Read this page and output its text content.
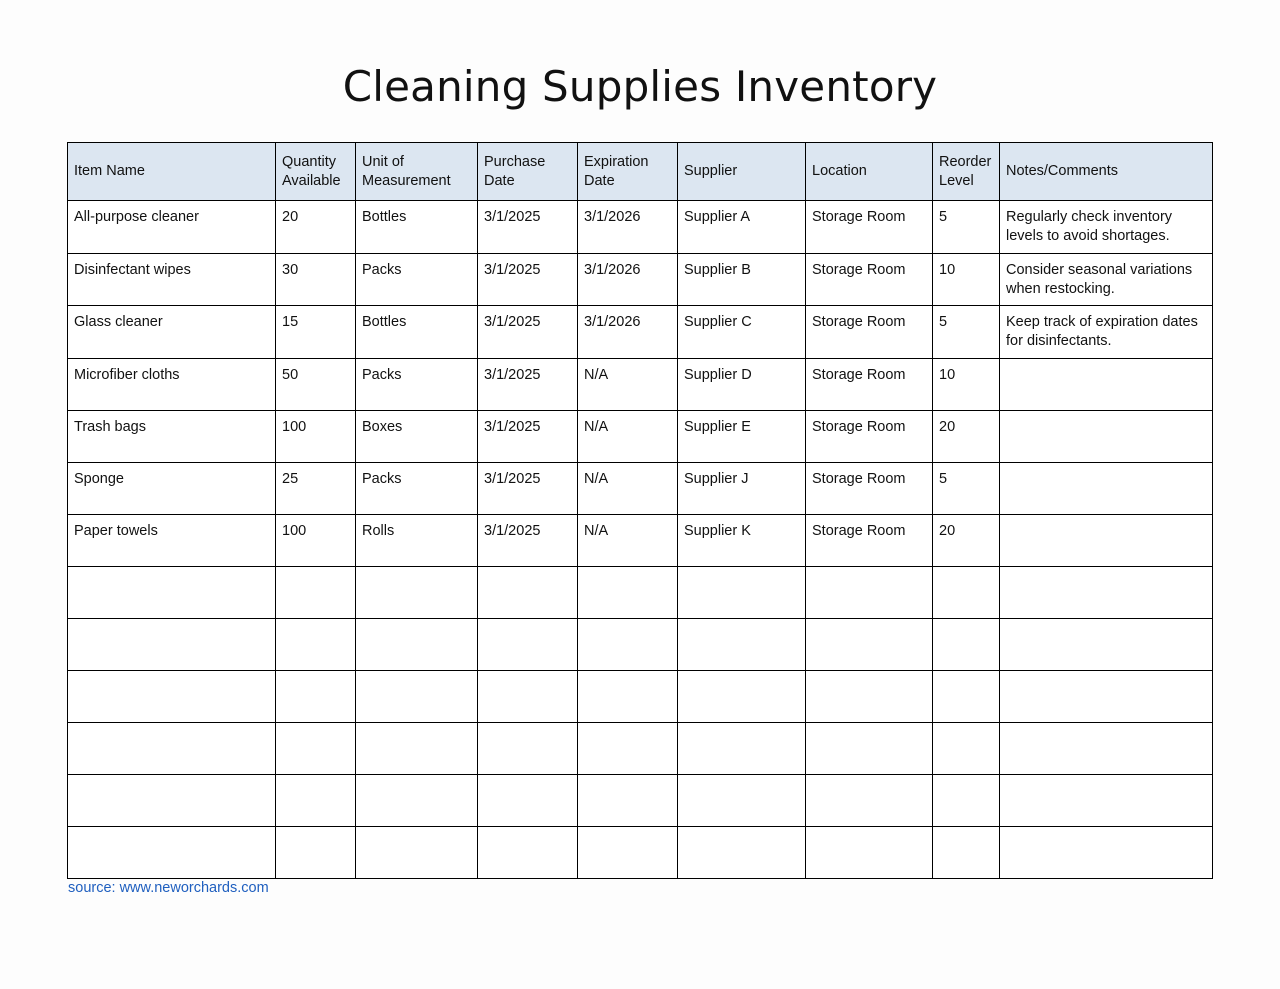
Cleaning Supplies Inventory
Item Name	Quantity Available	Unit of Measurement	Purchase Date	Expiration Date	Supplier	Location	Reorder Level	Notes/Comments
All-purpose cleaner	20	Bottles	3/1/2025	3/1/2026	Supplier A	Storage Room	5	Regularly check inventory levels to avoid shortages.
Disinfectant wipes	30	Packs	3/1/2025	3/1/2026	Supplier B	Storage Room	10	Consider seasonal variations when restocking.
Glass cleaner	15	Bottles	3/1/2025	3/1/2026	Supplier C	Storage Room	5	Keep track of expiration dates for disinfectants.
Microfiber cloths	50	Packs	3/1/2025	N/A	Supplier D	Storage Room	10	
Trash bags	100	Boxes	3/1/2025	N/A	Supplier E	Storage Room	20	
Sponge	25	Packs	3/1/2025	N/A	Supplier J	Storage Room	5	
Paper towels	100	Rolls	3/1/2025	N/A	Supplier K	Storage Room	20	

source: www.neworchards.com
